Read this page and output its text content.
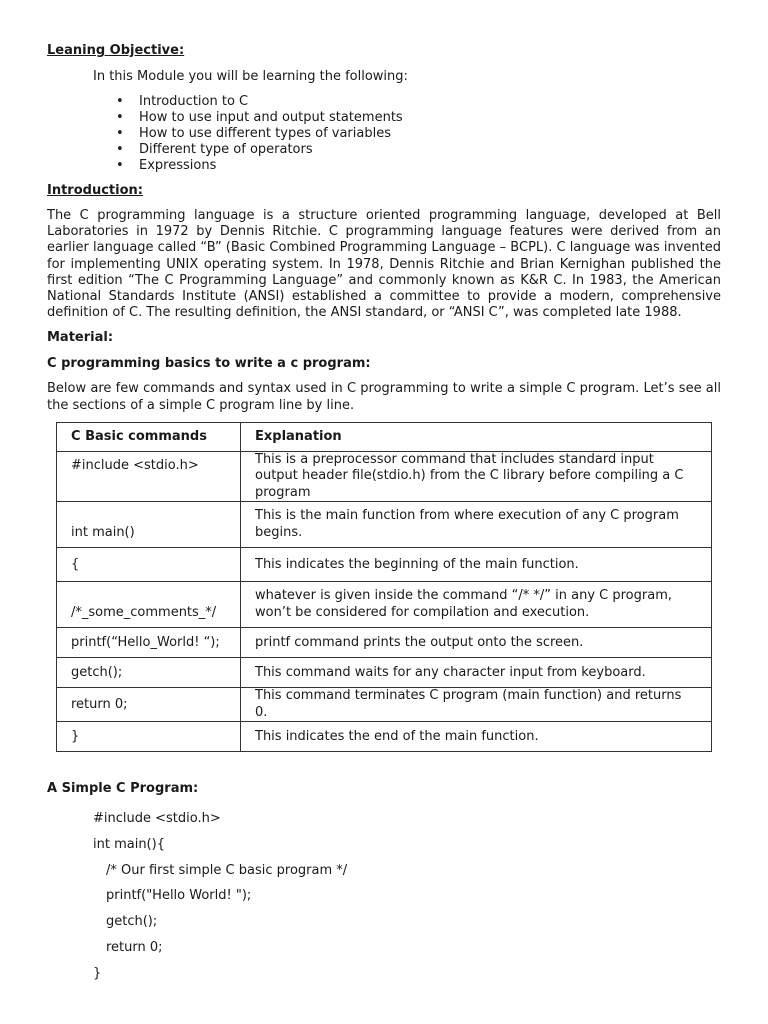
Leaning Objective:
In this Module you will be learning the following:
• Introduction to C
• How to use input and output statements
• How to use different types of variables
• Different type of operators
• Expressions
Introduction:

The C programming language is a structure oriented programming language, developed at Bell Laboratories in 1972 by Dennis Ritchie. C programming language features were derived from an earlier language called “B” (Basic Combined Programming Language – BCPL). C language was invented for implementing UNIX operating system. In 1978, Dennis Ritchie and Brian Kernighan published the first edition “The C Programming Language” and commonly known as K&R C. In 1983, the American National Standards Institute (ANSI) established a committee to provide a modern, comprehensive definition of C. The resulting definition, the ANSI standard, or “ANSI C”, was completed late 1988.

Material:
C programming basics to write a c program:

Below are few commands and syntax used in C programming to write a simple C program. Let’s see all the sections of a simple C program line by line.

C Basic commands	Explanation
#include <stdio.h>	This is a preprocessor command that includes standard input output header file(stdio.h) from the C library before compiling a C program
int main()	This is the main function from where execution of any C program begins.
{	This indicates the beginning of the main function.
/*_some_comments_*/	whatever is given inside the command “/* */” in any C program, won’t be considered for compilation and execution.
printf(“Hello_World! “);	printf command prints the output onto the screen.
getch();	This command waits for any character input from keyboard.
return 0;	This command terminates C program (main function) and returns 0.
}	This indicates the end of the main function.
A Simple C Program:
#include <stdio.h>
int main(){
/* Our first simple C basic program */
printf("Hello World! ");
getch();
return 0;
}
